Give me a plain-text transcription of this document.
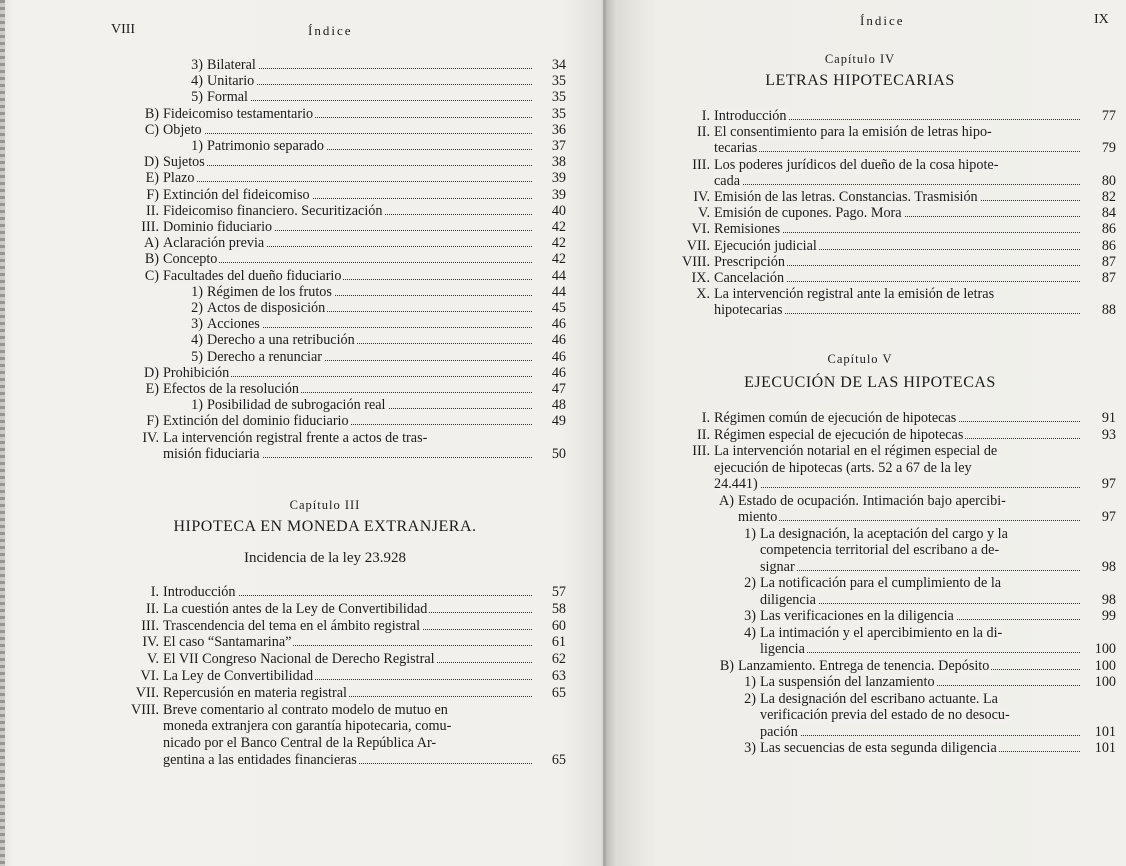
VIII	Índice
3) Bilateral	34
4) Unitario	35
5) Formal	35
B) Fideicomiso testamentario	35
C) Objeto	36
1) Patrimonio separado	37
D) Sujetos	38
E) Plazo	39
F) Extinción del fideicomiso	39
II. Fideicomiso financiero. Securitización	40
III. Dominio fiduciario	42
A) Aclaración previa	42
B) Concepto	42
C) Facultades del dueño fiduciario	44
1) Régimen de los frutos	44
2) Actos de disposición	45
3) Acciones	46
4) Derecho a una retribución	46
5) Derecho a renunciar	46
D) Prohibición	46
E) Efectos de la resolución	47
1) Posibilidad de subrogación real	48
F) Extinción del dominio fiduciario	49
IV. La intervención registral frente a actos de tras-
misión fiduciaria	50
Capítulo III
HIPOTECA EN MONEDA EXTRANJERA.
Incidencia de la ley 23.928
I. Introducción	57
II. La cuestión antes de la Ley de Convertibilidad	58
III. Trascendencia del tema en el ámbito registral	60
IV. El caso “Santamarina”	61
V. El VII Congreso Nacional de Derecho Registral	62
VI. La Ley de Convertibilidad	63
VII. Repercusión en materia registral	65
VIII. Breve comentario al contrato modelo de mutuo en
moneda extranjera con garantía hipotecaria, comu-
nicado por el Banco Central de la República Ar-
gentina a las entidades financieras	65
Índice	IX
Capítulo IV
LETRAS HIPOTECARIAS
I. Introducción	77
II. El consentimiento para la emisión de letras hipo-
tecarias	79
III. Los poderes jurídicos del dueño de la cosa hipote-
cada	80
IV. Emisión de las letras. Constancias. Trasmisión	82
V. Emisión de cupones. Pago. Mora	84
VI. Remisiones	86
VII. Ejecución judicial	86
VIII. Prescripción	87
IX. Cancelación	87
X. La intervención registral ante la emisión de letras
hipotecarias	88
Capítulo V
EJECUCIÓN DE LAS HIPOTECAS
I. Régimen común de ejecución de hipotecas	91
II. Régimen especial de ejecución de hipotecas	93
III. La intervención notarial en el régimen especial de
ejecución de hipotecas (arts. 52 a 67 de la ley
24.441)	97
A) Estado de ocupación. Intimación bajo apercibi-
miento	97
1) La designación, la aceptación del cargo y la
competencia territorial del escribano a de-
signar	98
2) La notificación para el cumplimiento de la
diligencia	98
3) Las verificaciones en la diligencia	99
4) La intimación y el apercibimiento en la di-
ligencia	100
B) Lanzamiento. Entrega de tenencia. Depósito	100
1) La suspensión del lanzamiento	100
2) La designación del escribano actuante. La
verificación previa del estado de no desocu-
pación	101
3) Las secuencias de esta segunda diligencia	101
